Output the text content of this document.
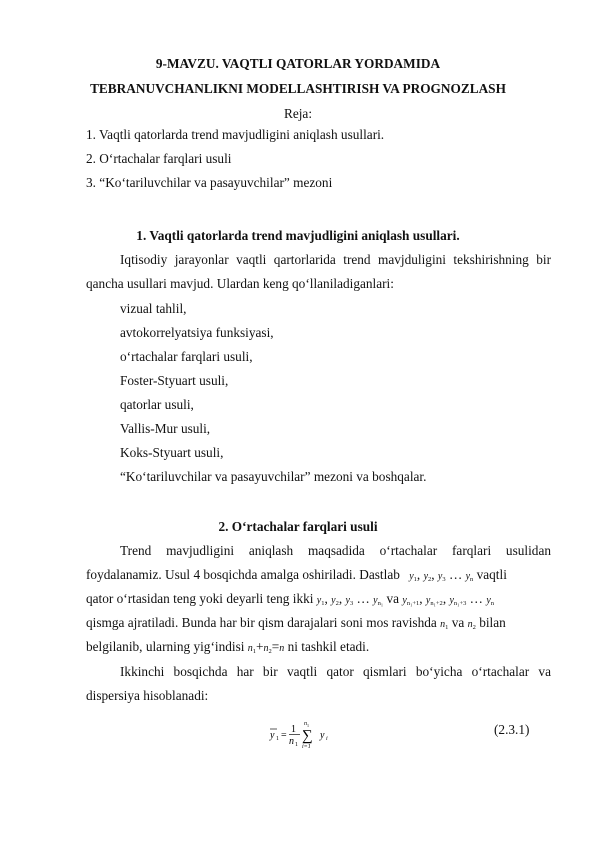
9-MAVZU. VAQTLI QATORLAR YORDAMIDA
TEBRANUVCHANLIKNI MODELLASHTIRISH VA PROGNOZLASH
Reja:
1. Vaqtli qatorlarda trend mavjudligini aniqlash usullari.
2. O‘rtachalar farqlari usuli
3. “Ko‘tariluvchilar va pasayuvchilar” mezoni
1. Vaqtli qatorlarda trend mavjudligini aniqlash usullari.
Iqtisodiy jarayonlar vaqtli qartorlarida trend mavjduligini tekshirishning bir
qancha usullari mavjud. Ulardan keng qo‘llaniladiganlari:
vizual tahlil,
avtokorrelyatsiya funksiyasi,
o‘rtachalar farqlari usuli,
Foster-Styuart usuli,
qatorlar usuli,
Vallis-Mur usuli,
Koks-Styuart usuli,
“Ko‘tariluvchilar va pasayuvchilar” mezoni va boshqalar.
2. O‘rtachalar farqlari usuli
Trend mavjudligini aniqlash maqsadida o‘rtachalar farqlari usulidan
foydalanamiz. Usul 4 bosqichda amalga oshiriladi. Dastlab $y_1$, $y_2$, $y_3$ … $y_n$ vaqtli
qator o‘rtasidan teng yoki deyarli teng ikki $y_1$, $y_2$, $y_3$ … $y_{n_1}$ va $y_{n_1+1}$, $y_{n_1+2}$, $y_{n_1+3}$ … $y_n$
qismga ajratiladi. Bunda har bir qism darajalari soni mos ravishda $n_1$ va $n_2$ bilan
belgilanib, ularning yig‘indisi $n_1+n_2=n$ ni tashkil etadi.
Ikkinchi bosqichda har bir vaqtli qator qismlari bo‘yicha o‘rtachalar va
dispersiya hisoblanadi:
y 1 =
1
n 1
n 1
∑
i=1
y i
(2.3.1)
